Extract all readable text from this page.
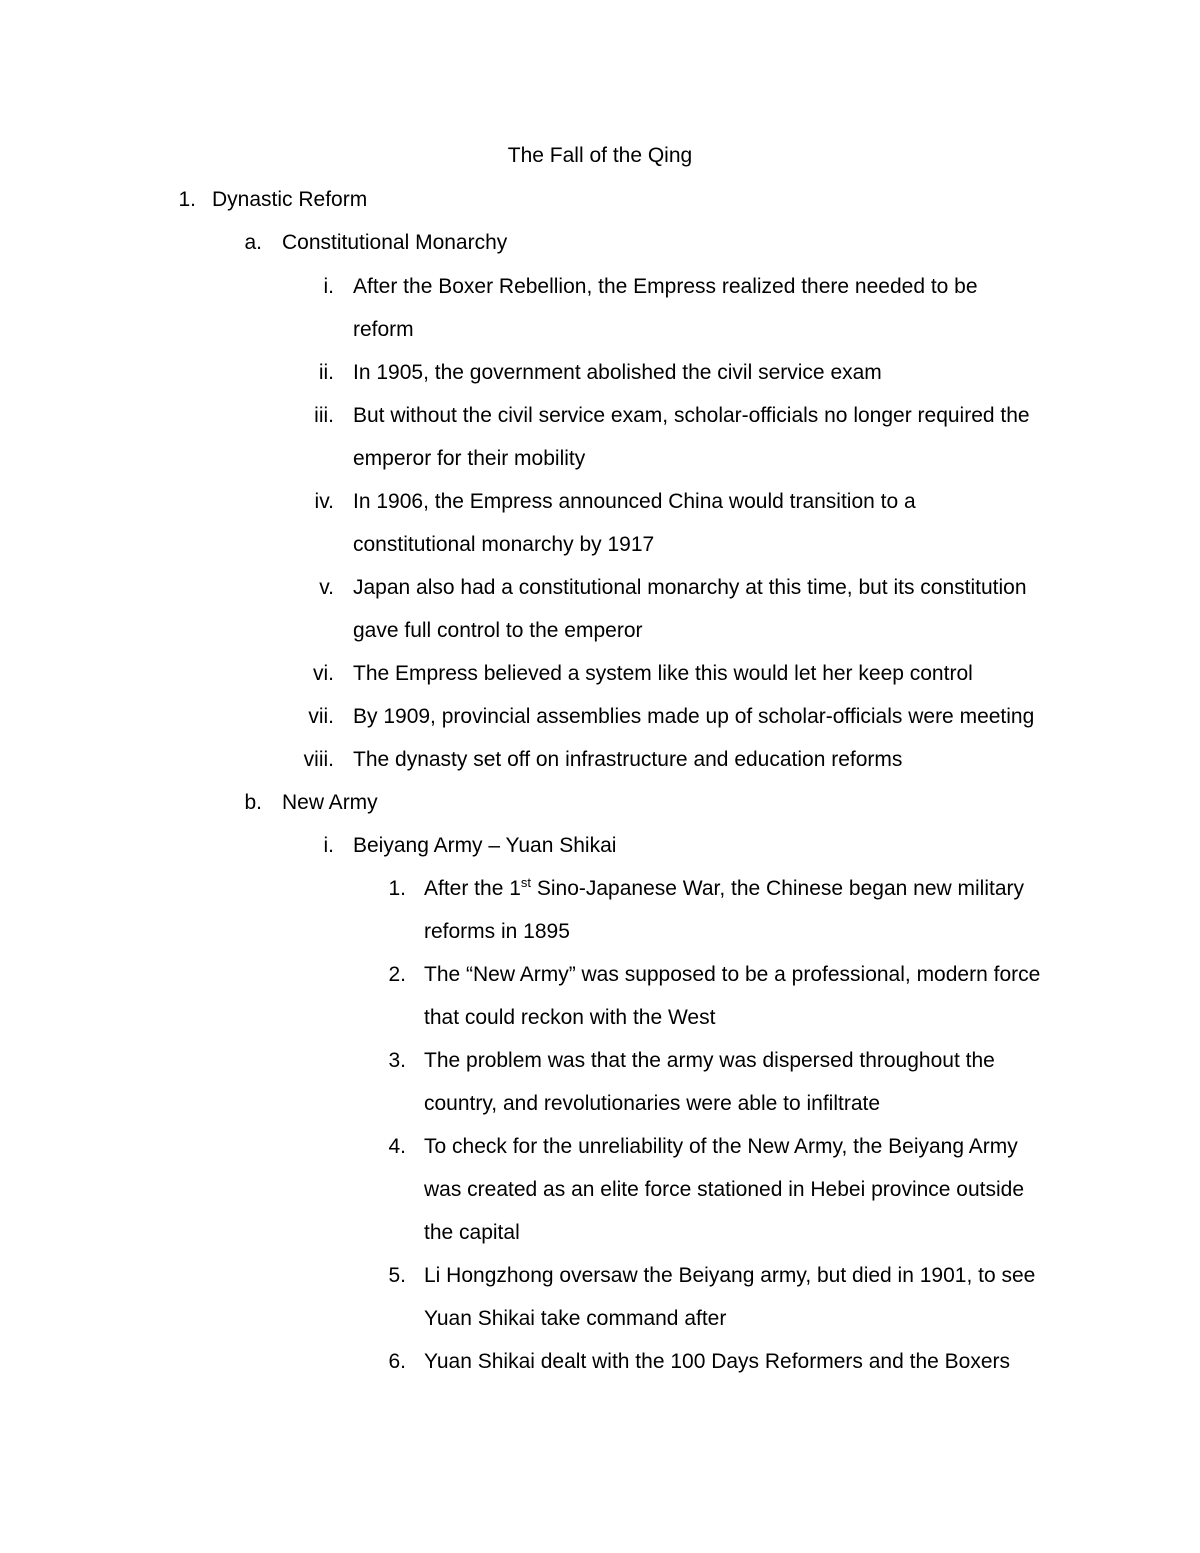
The Fall of the Qing
1. Dynastic Reform
a. Constitutional Monarchy
i. After the Boxer Rebellion, the Empress realized there needed to be
reform
ii. In 1905, the government abolished the civil service exam
iii. But without the civil service exam, scholar-officials no longer required the
emperor for their mobility
iv. In 1906, the Empress announced China would transition to a
constitutional monarchy by 1917
v. Japan also had a constitutional monarchy at this time, but its constitution
gave full control to the emperor
vi. The Empress believed a system like this would let her keep control
vii. By 1909, provincial assemblies made up of scholar-officials were meeting
viii. The dynasty set off on infrastructure and education reforms
b. New Army
i. Beiyang Army – Yuan Shikai
1. After the 1st Sino-Japanese War, the Chinese began new military
reforms in 1895
2. The “New Army” was supposed to be a professional, modern force
that could reckon with the West
3. The problem was that the army was dispersed throughout the
country, and revolutionaries were able to infiltrate
4. To check for the unreliability of the New Army, the Beiyang Army
was created as an elite force stationed in Hebei province outside
the capital
5. Li Hongzhong oversaw the Beiyang army, but died in 1901, to see
Yuan Shikai take command after
6. Yuan Shikai dealt with the 100 Days Reformers and the Boxers
